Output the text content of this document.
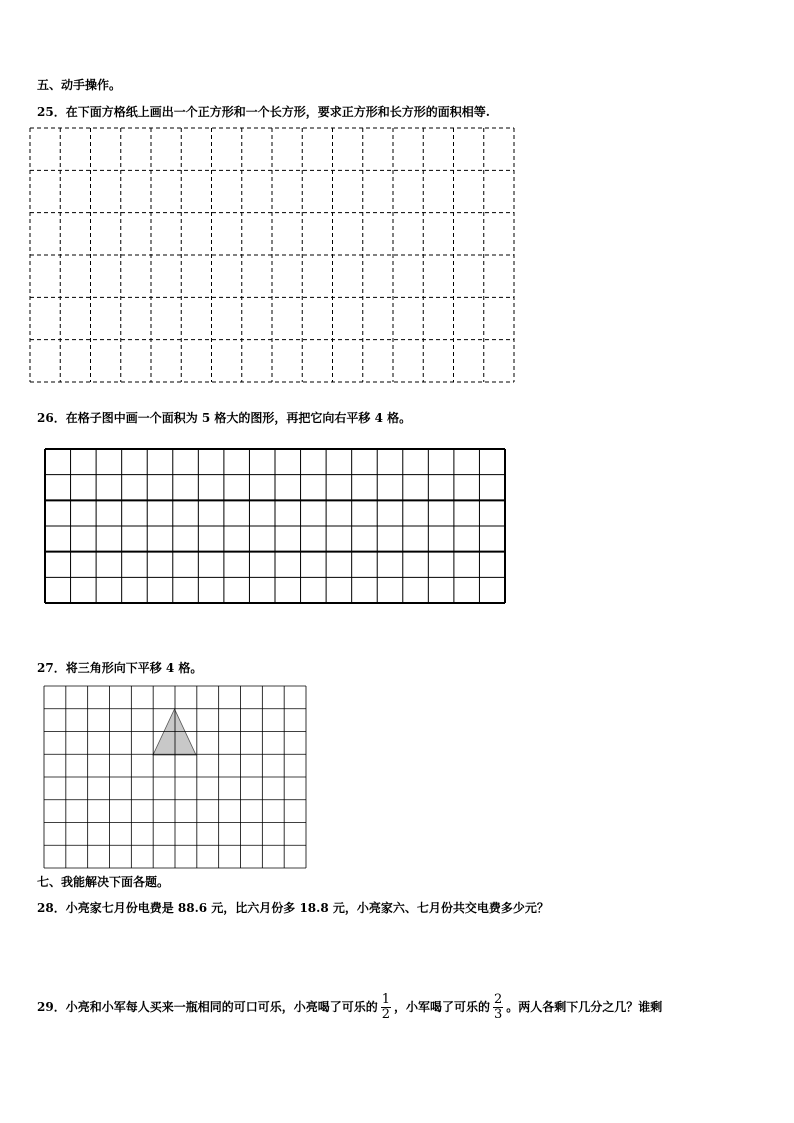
五、动手操作。
25．在下面方格纸上画出一个正方形和一个长方形，要求正方形和长方形的面积相等.
26．在格子图中画一个面积为 5 格大的图形，再把它向右平移 4 格。
27．将三角形向下平移 4 格。
七、我能解决下面各题。
28．小亮家七月份电费是 88.6 元，比六月份多 18.8 元，小亮家六、七月份共交电费多少元？
29．小亮和小军每人买来一瓶相同的可口可乐，小亮喝了可乐的 $\frac{1}{2}$ ，小军喝了可乐的 $\frac{2}{3}$ 。两人各剩下几分之几？谁剩
